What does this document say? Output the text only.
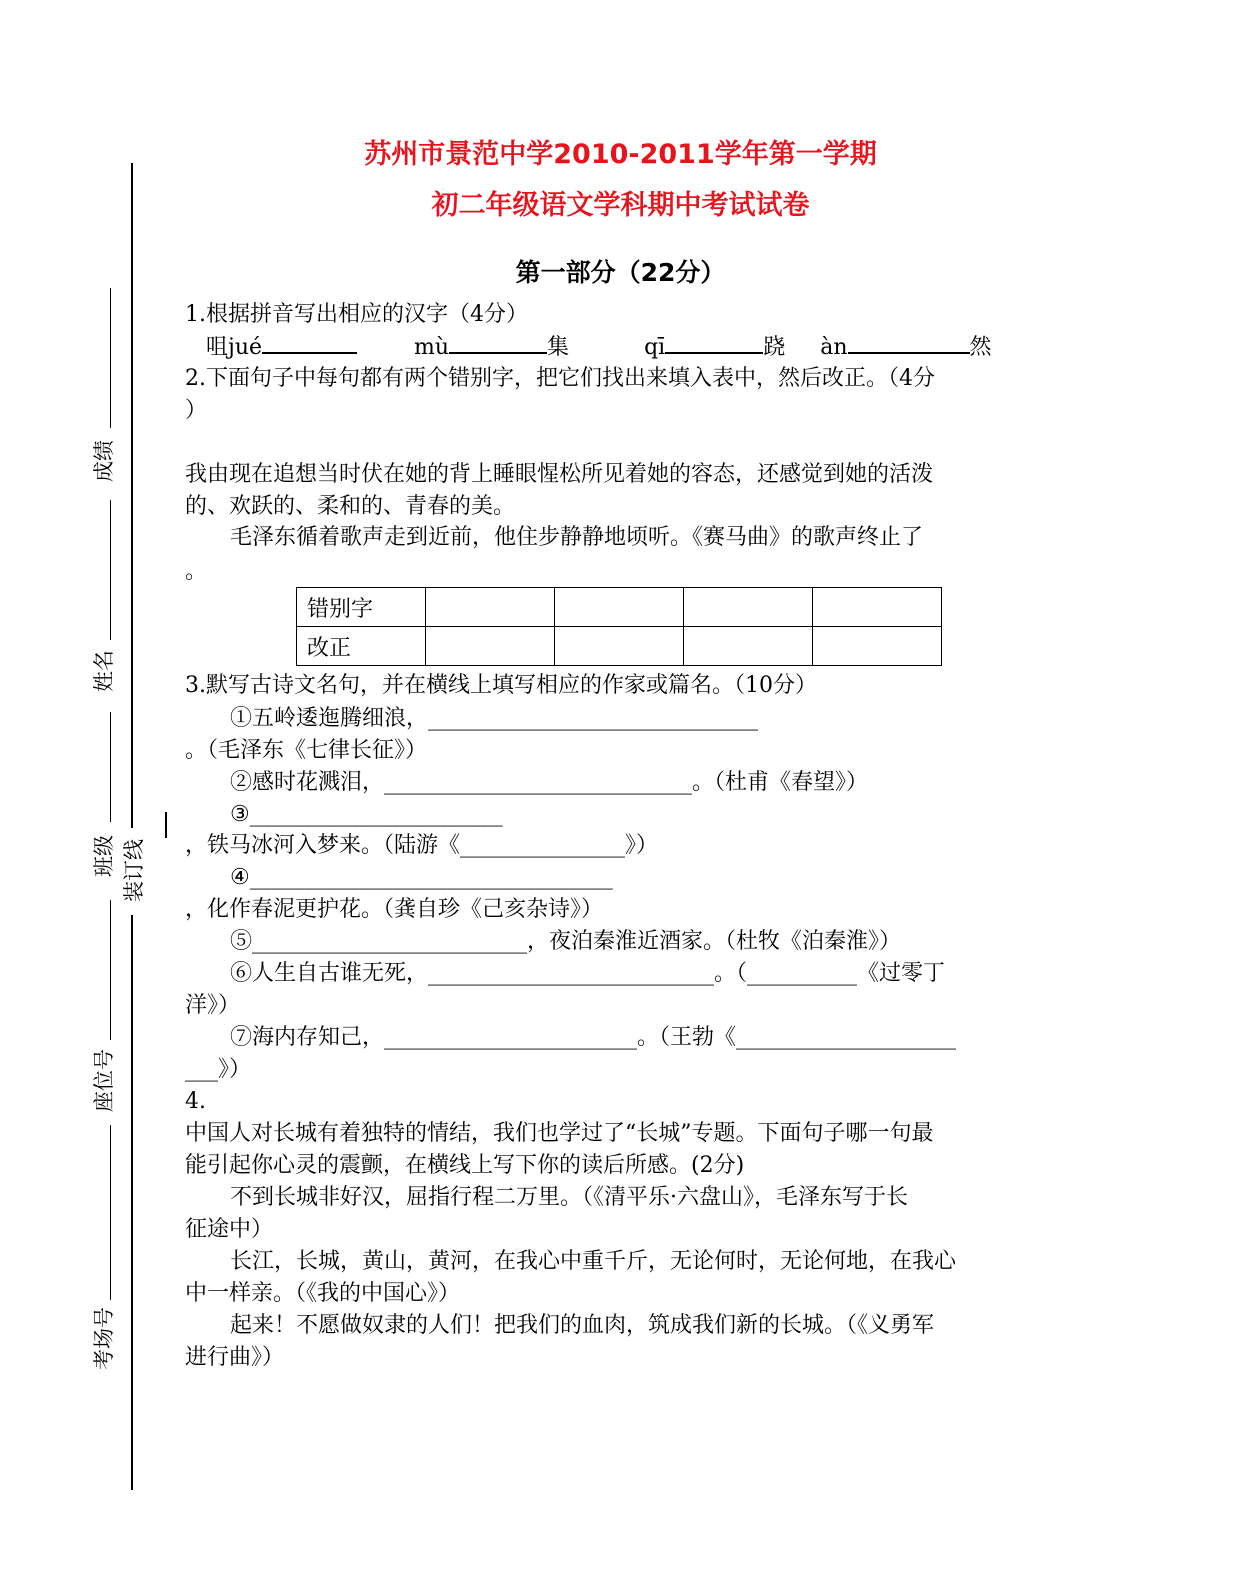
成绩
姓名
班级 装订线
座位号
考场号
苏州市景范中学2010-2011学年第一学期
初二年级语文学科期中考试试卷
第一部分（22分）
1.根据拼音写出相应的汉字（4分）
咀jué	mù	集	qī	跷 àn	然
2.下面句子中每句都有两个错别字，把它们找出来填入表中，然后改正。（4分
）
我由现在追想当时伏在她的背上睡眼惺松所见着她的容态，还感觉到她的活泼
的、欢跃的、柔和的、青春的美。
毛泽东循着歌声走到近前，他住步静静地顷听。《赛马曲》的歌声终止了
。
错别字				
改正				
3.默写古诗文名句，并在横线上填写相应的作家或篇名。（10分）
①五岭逶迤腾细浪，______________________________
。（毛泽东《七律长征》）
②感时花溅泪，____________________________。（杜甫《春望》）
③_______________________
，铁马冰河入梦来。（陆游《_______________》）
④_________________________________
，化作春泥更护花。（龚自珍《己亥杂诗》）
⑤_________________________，夜泊秦淮近酒家。（杜牧《泊秦淮》）
⑥人生自古谁无死，__________________________。（__________《过零丁
洋》）
⑦海内存知己，_______________________。（王勃《____________________
___》）
4.
中国人对长城有着独特的情结，我们也学过了“长城”专题。下面句子哪一句最
能引起你心灵的震颤，在横线上写下你的读后所感。(2分)
不到长城非好汉，屈指行程二万里。（《清平乐·六盘山》，毛泽东写于长
征途中）
长江，长城，黄山，黄河，在我心中重千斤，无论何时，无论何地，在我心
中一样亲。（《我的中国心》）
起来！不愿做奴隶的人们！把我们的血肉，筑成我们新的长城。（《义勇军
进行曲》）
